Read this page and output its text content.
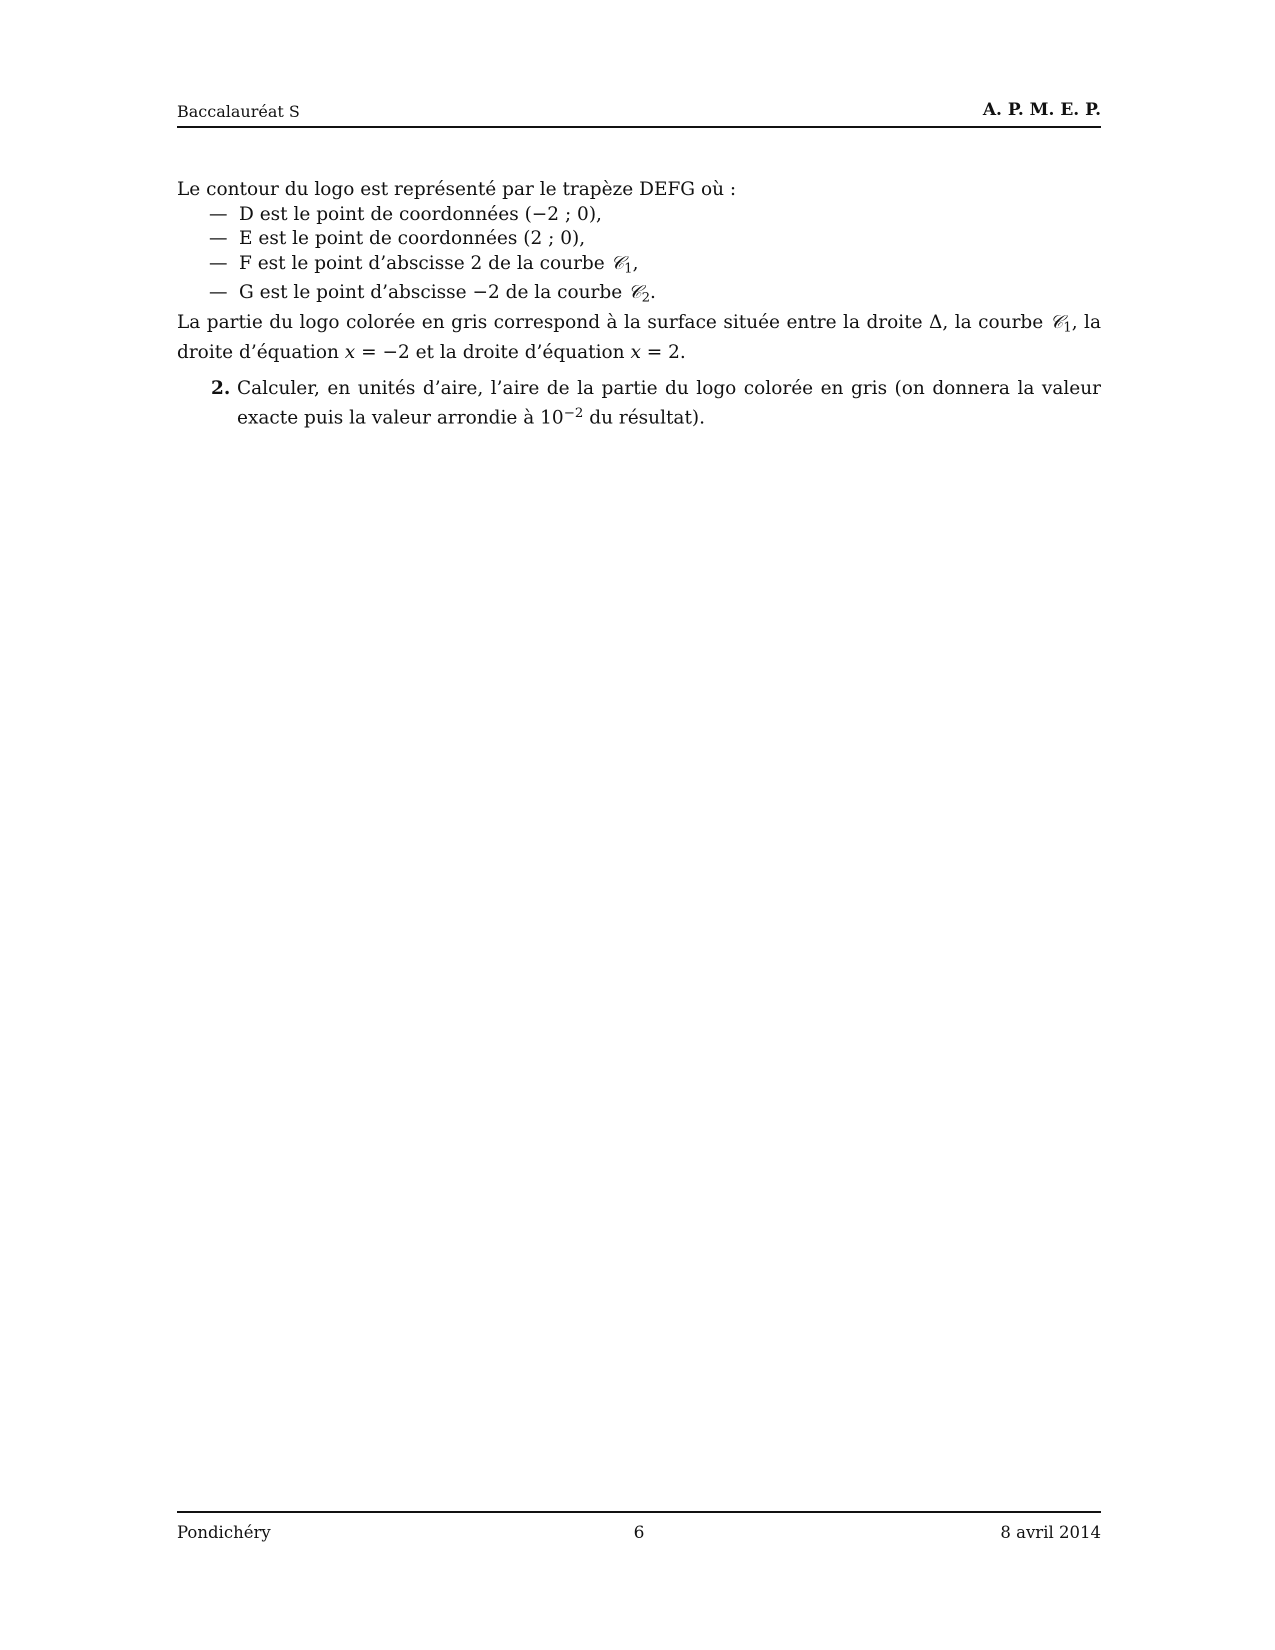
Baccalauréat S	A. P. M. E. P.

Le contour du logo est représenté par le trapèze DEFG où :

— D est le point de coordonnées (−2 ; 0),
— E est le point de coordonnées (2 ; 0),
— F est le point d’abscisse 2 de la courbe 𝒞$_1$,
— G est le point d’abscisse −2 de la courbe 𝒞$_2$.

La partie du logo colorée en gris correspond à la surface située entre la droite Δ, la courbe 𝒞$_1$, la droite d’équation x = −2 et la droite d’équation x = 2.

2. Calculer, en unités d’aire, l’aire de la partie du logo colorée en gris (on donnera la valeur exacte puis la valeur arrondie à $10^{-2}$ du résultat).
Pondichéry	6	8 avril 2014
